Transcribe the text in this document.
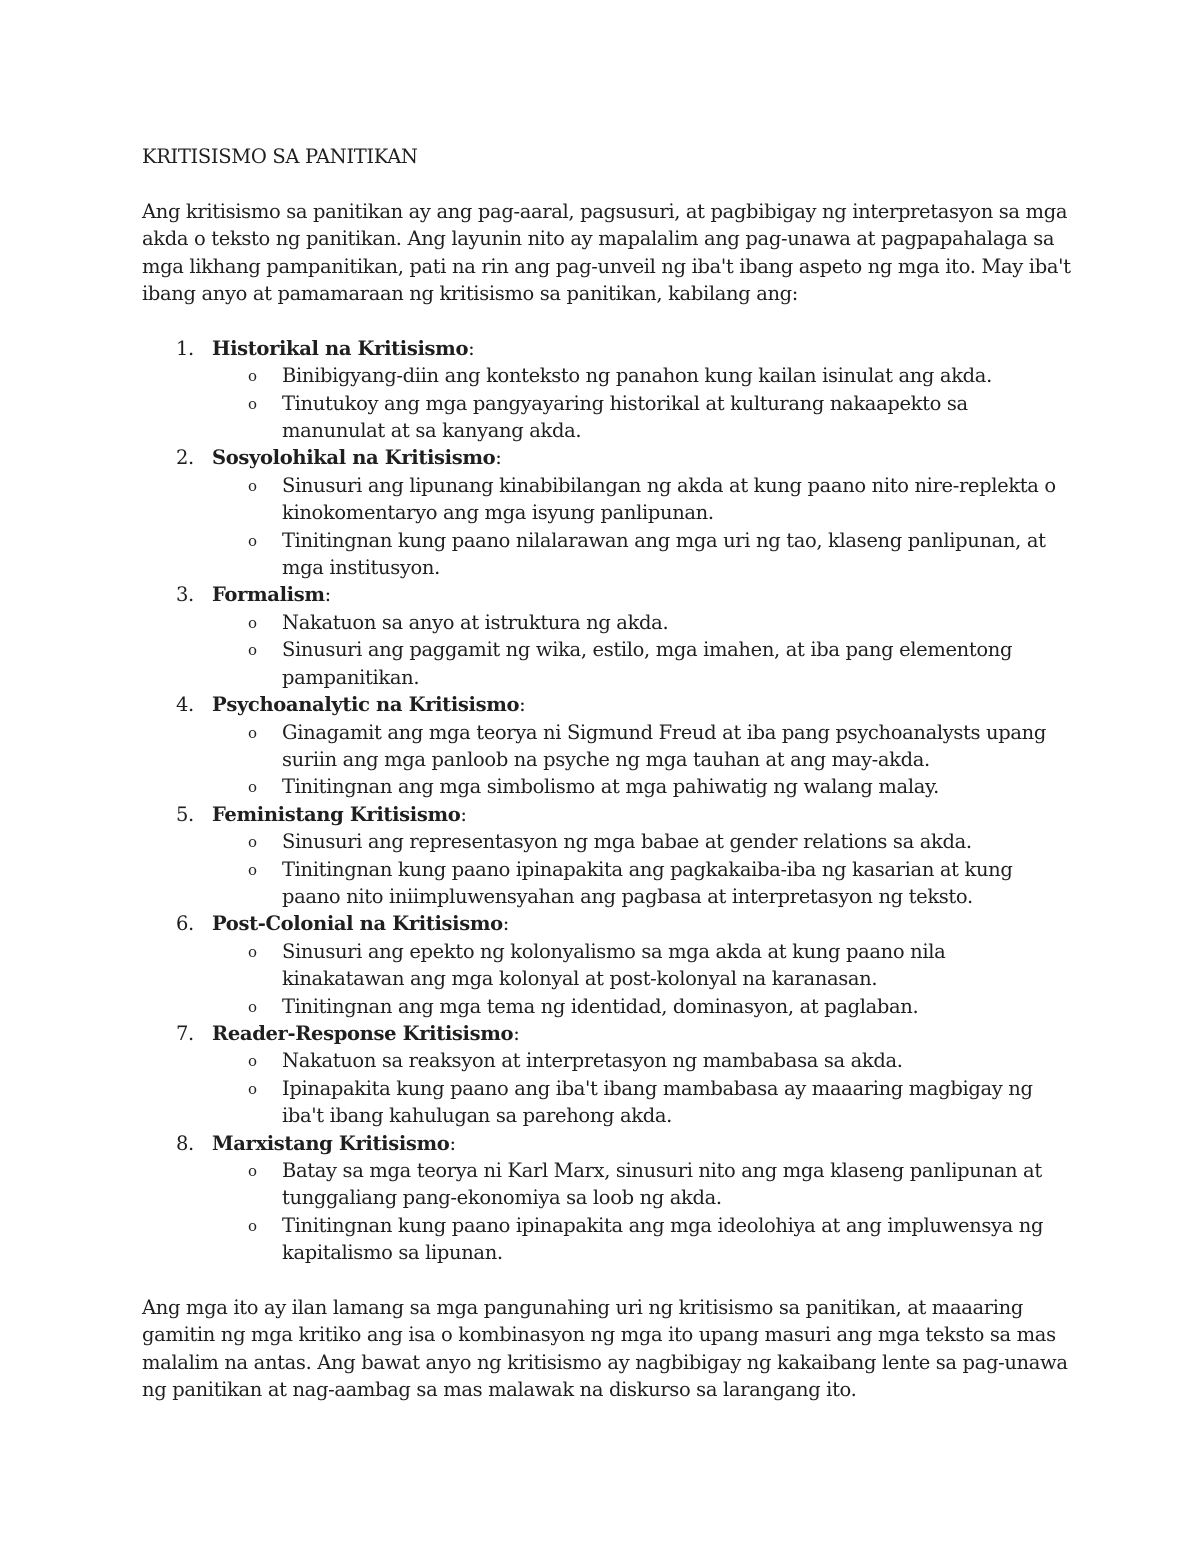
KRITISISMO SA PANITIKAN

Ang kritisismo sa panitikan ay ang pag-aaral, pagsusuri, at pagbibigay ng interpretasyon sa mga akda o teksto ng panitikan. Ang layunin nito ay mapalalim ang pag-unawa at pagpapahalaga sa mga likhang pampanitikan, pati na rin ang pag-unveil ng iba't ibang aspeto ng mga ito. May iba't ibang anyo at pamamaraan ng kritisismo sa panitikan, kabilang ang:

1. Historikal na Kritisismo:
o Binibigyang-diin ang konteksto ng panahon kung kailan isinulat ang akda.
o Tinutukoy ang mga pangyayaring historikal at kulturang nakaapekto sa manunulat at sa kanyang akda.
2. Sosyolohikal na Kritisismo:
o Sinusuri ang lipunang kinabibilangan ng akda at kung paano nito nire-replekta o kinokomentaryo ang mga isyung panlipunan.
o Tinitingnan kung paano nilalarawan ang mga uri ng tao, klaseng panlipunan, at mga institusyon.
3. Formalism:
o Nakatuon sa anyo at istruktura ng akda.
o Sinusuri ang paggamit ng wika, estilo, mga imahen, at iba pang elementong pampanitikan.
4. Psychoanalytic na Kritisismo:
o Ginagamit ang mga teorya ni Sigmund Freud at iba pang psychoanalysts upang suriin ang mga panloob na psyche ng mga tauhan at ang may-akda.
o Tinitingnan ang mga simbolismo at mga pahiwatig ng walang malay.
5. Feministang Kritisismo:
o Sinusuri ang representasyon ng mga babae at gender relations sa akda.
o Tinitingnan kung paano ipinapakita ang pagkakaiba-iba ng kasarian at kung paano nito iniimpluwensyahan ang pagbasa at interpretasyon ng teksto.
6. Post-Colonial na Kritisismo:
o Sinusuri ang epekto ng kolonyalismo sa mga akda at kung paano nila kinakatawan ang mga kolonyal at post-kolonyal na karanasan.
o Tinitingnan ang mga tema ng identidad, dominasyon, at paglaban.
7. Reader-Response Kritisismo:
o Nakatuon sa reaksyon at interpretasyon ng mambabasa sa akda.
o Ipinapakita kung paano ang iba't ibang mambabasa ay maaaring magbigay ng iba't ibang kahulugan sa parehong akda.
8. Marxistang Kritisismo:
o Batay sa mga teorya ni Karl Marx, sinusuri nito ang mga klaseng panlipunan at tunggaliang pang-ekonomiya sa loob ng akda.
o Tinitingnan kung paano ipinapakita ang mga ideolohiya at ang impluwensya ng kapitalismo sa lipunan.

Ang mga ito ay ilan lamang sa mga pangunahing uri ng kritisismo sa panitikan, at maaaring gamitin ng mga kritiko ang isa o kombinasyon ng mga ito upang masuri ang mga teksto sa mas malalim na antas. Ang bawat anyo ng kritisismo ay nagbibigay ng kakaibang lente sa pag-unawa ng panitikan at nag-aambag sa mas malawak na diskurso sa larangang ito.
